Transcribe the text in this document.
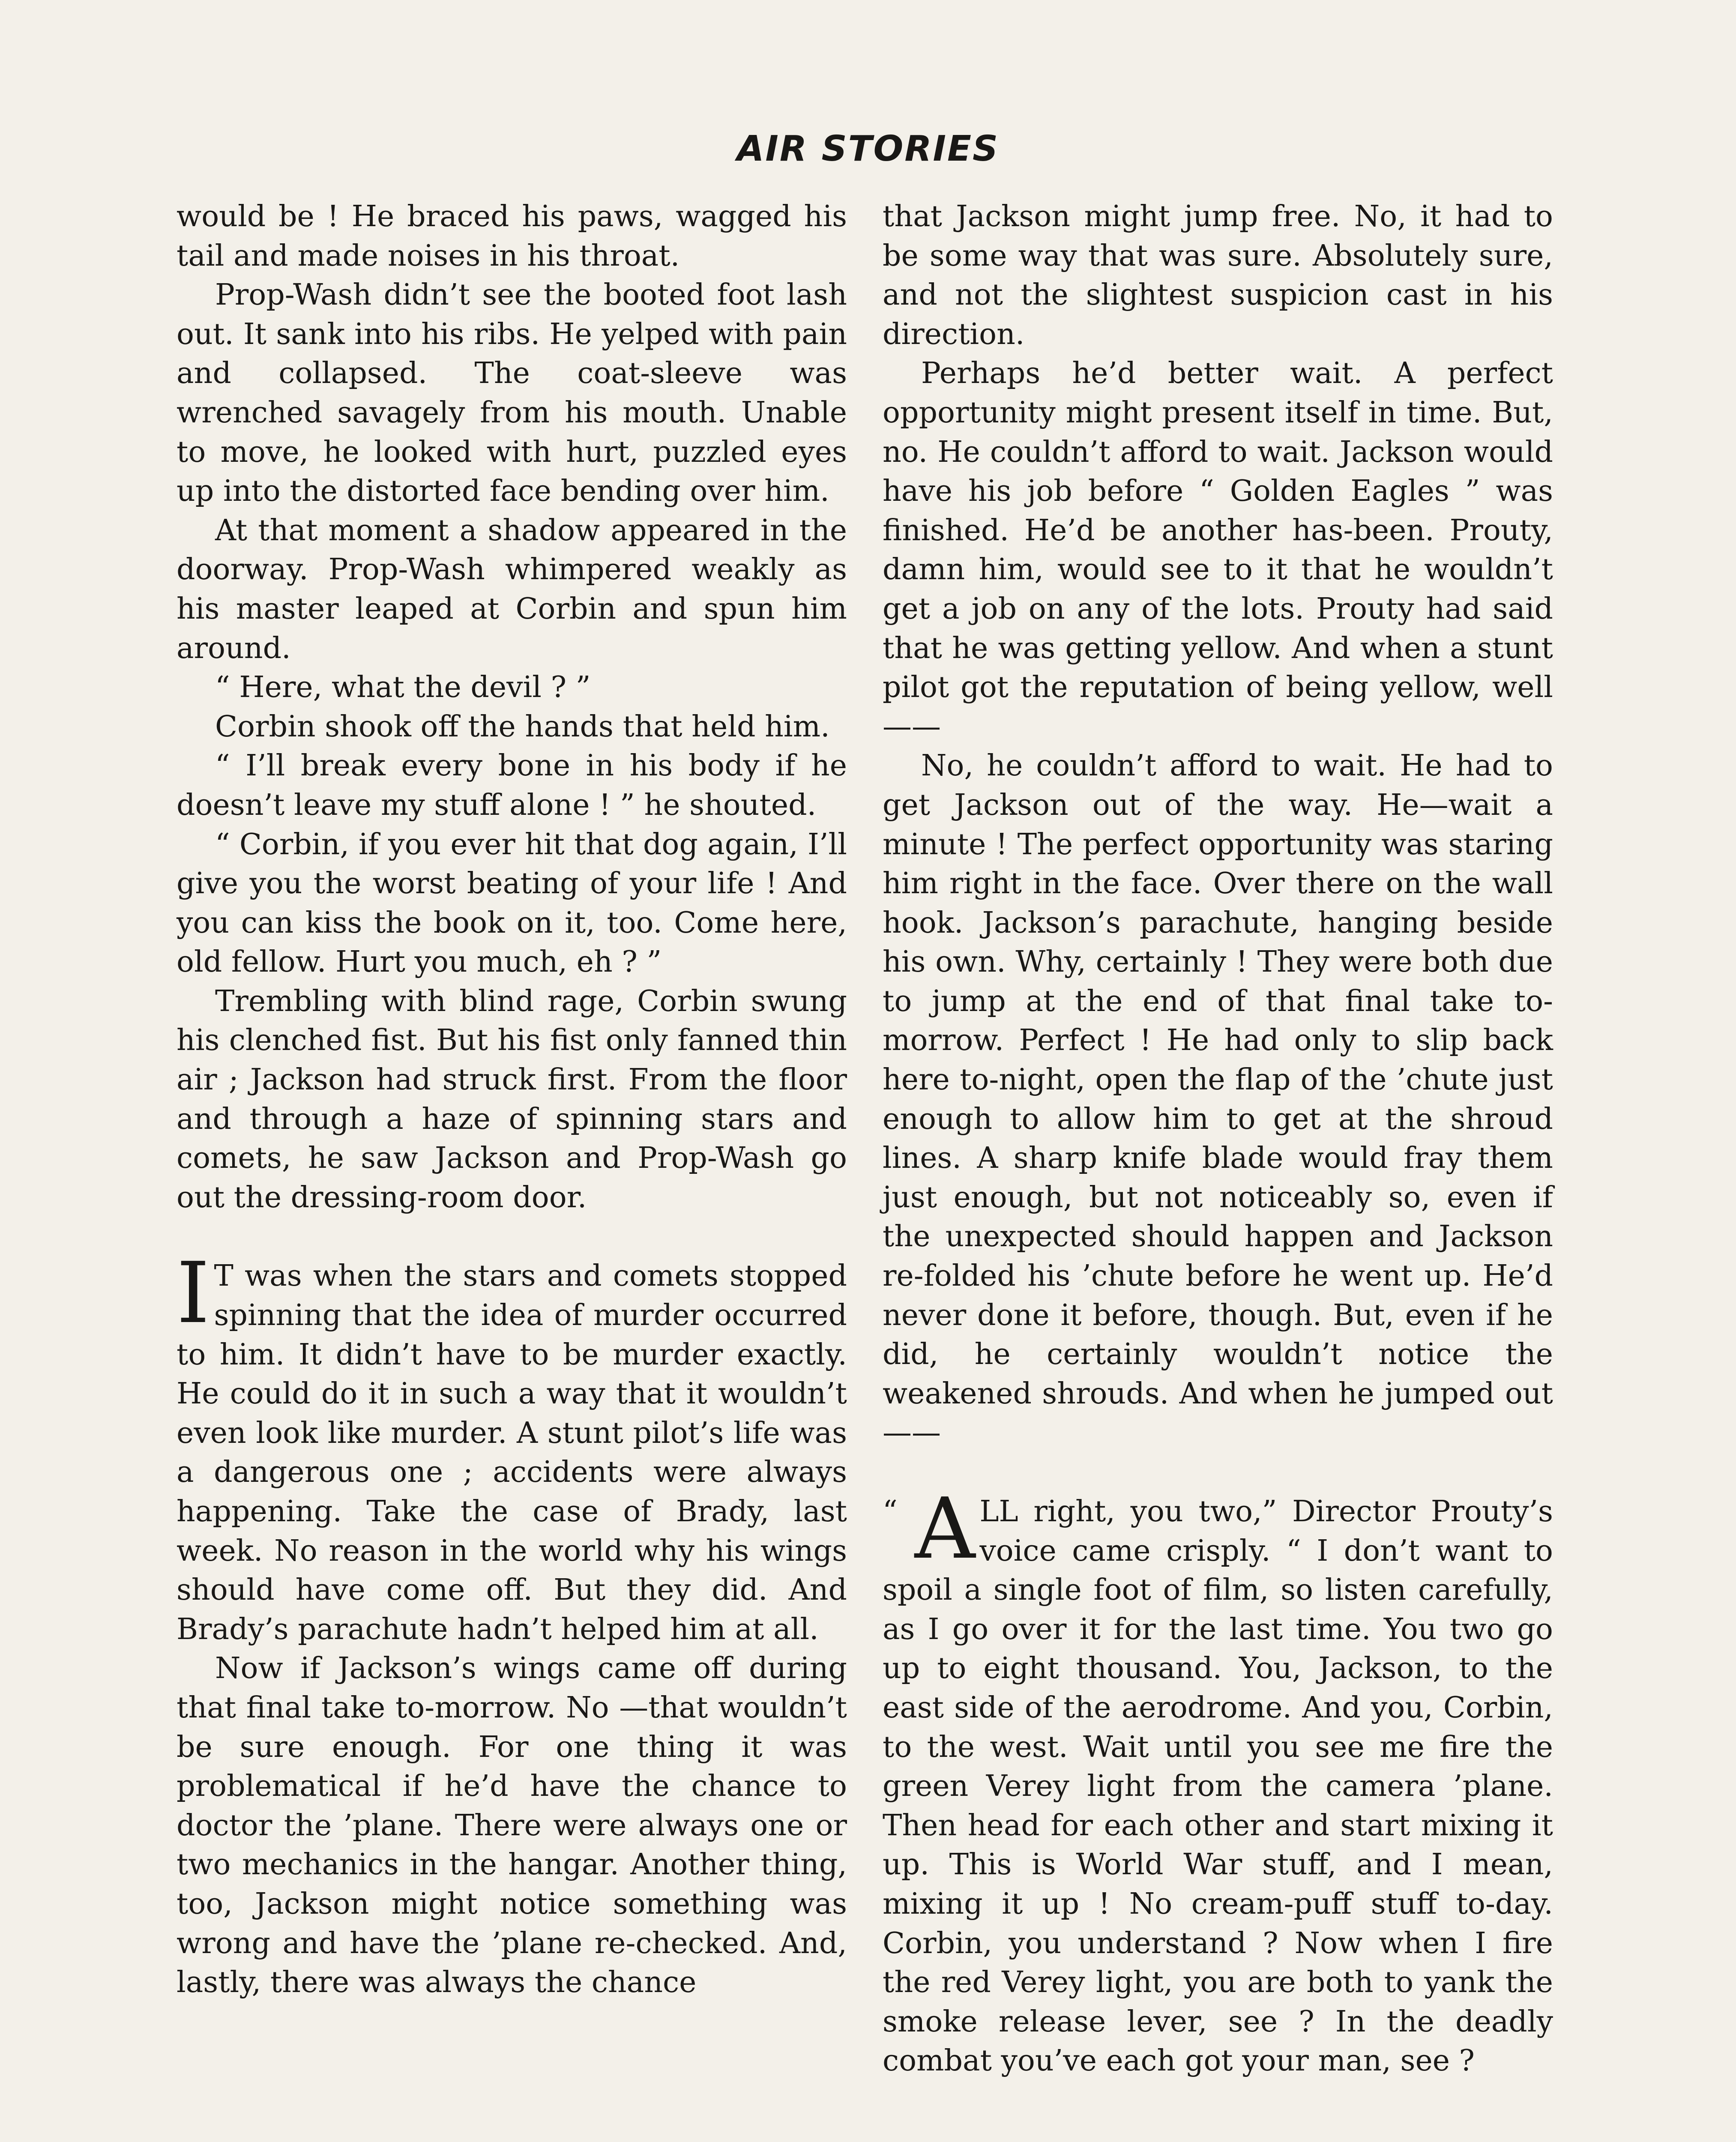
AIR STORIES

would be ! He braced his paws, wagged his tail and made noises in his throat.

Prop-Wash didn’t see the booted foot lash out. It sank into his ribs. He yelped with pain and collapsed. The coat-sleeve was wrenched savagely from his mouth. Unable to move, he looked with hurt, puzzled eyes up into the distorted face bending over him.

At that moment a shadow appeared in the doorway. Prop-Wash whimpered weakly as his master leaped at Corbin and spun him around.

“ Here, what the devil ? ”

Corbin shook off the hands that held him.

“ I’ll break every bone in his body if he doesn’t leave my stuff alone ! ” he shouted.

“ Corbin, if you ever hit that dog again, I’ll give you the worst beating of your life ! And you can kiss the book on it, too. Come here, old fellow. Hurt you much, eh ? ”

Trembling with blind rage, Corbin swung his clenched fist. But his fist only fanned thin air ; Jackson had struck first. From the floor and through a haze of spinning stars and comets, he saw Jackson and Prop-Wash go out the dressing-room door.

I T was when the stars and comets stopped spinning that the idea of murder occurred to him. It didn’t have to be murder exactly. He could do it in such a way that it wouldn’t even look like murder. A stunt pilot’s life was a dangerous one ; accidents were always happening. Take the case of Brady, last week. No reason in the world why his wings should have come off. But they did. And Brady’s parachute hadn’t helped him at all.

Now if Jackson’s wings came off during that final take to-morrow. No —that wouldn’t be sure enough. For one thing it was problematical if he’d have the chance to doctor the ’plane. There were always one or two mechanics in the hangar. Another thing, too, Jackson might notice something was wrong and have the ’plane re-checked. And, lastly, there was always the chance

that Jackson might jump free. No, it had to be some way that was sure. Absolutely sure, and not the slightest suspicion cast in his direction.

Perhaps he’d better wait. A perfect opportunity might present itself in time. But, no. He couldn’t afford to wait. Jackson would have his job before “ Golden Eagles ” was finished. He’d be another has-been. Prouty, damn him, would see to it that he wouldn’t get a job on any of the lots. Prouty had said that he was getting yellow. And when a stunt pilot got the reputation of being yellow, well——

No, he couldn’t afford to wait. He had to get Jackson out of the way. He—wait a minute ! The perfect opportunity was staring him right in the face. Over there on the wall hook. Jackson’s parachute, hanging beside his own. Why, certainly ! They were both due to jump at the end of that final take to-morrow. Perfect ! He had only to slip back here to-night, open the flap of the ’chute just enough to allow him to get at the shroud lines. A sharp knife blade would fray them just enough, but not noticeably so, even if the unexpected should happen and Jackson re-folded his ’chute before he went up. He’d never done it before, though. But, even if he did, he certainly wouldn’t notice the weakened shrouds. And when he jumped out——

“ A LL right, you two,” Director Prouty’s voice came crisply. “ I don’t want to spoil a single foot of film, so listen carefully, as I go over it for the last time. You two go up to eight thousand. You, Jackson, to the east side of the aerodrome. And you, Corbin, to the west. Wait until you see me fire the green Verey light from the camera ’plane. Then head for each other and start mixing it up. This is World War stuff, and I mean, mixing it up ! No cream-puff stuff to-day. Corbin, you understand ? Now when I fire the red Verey light, you are both to yank the smoke release lever, see ? In the deadly combat you’ve each got your man, see ?
